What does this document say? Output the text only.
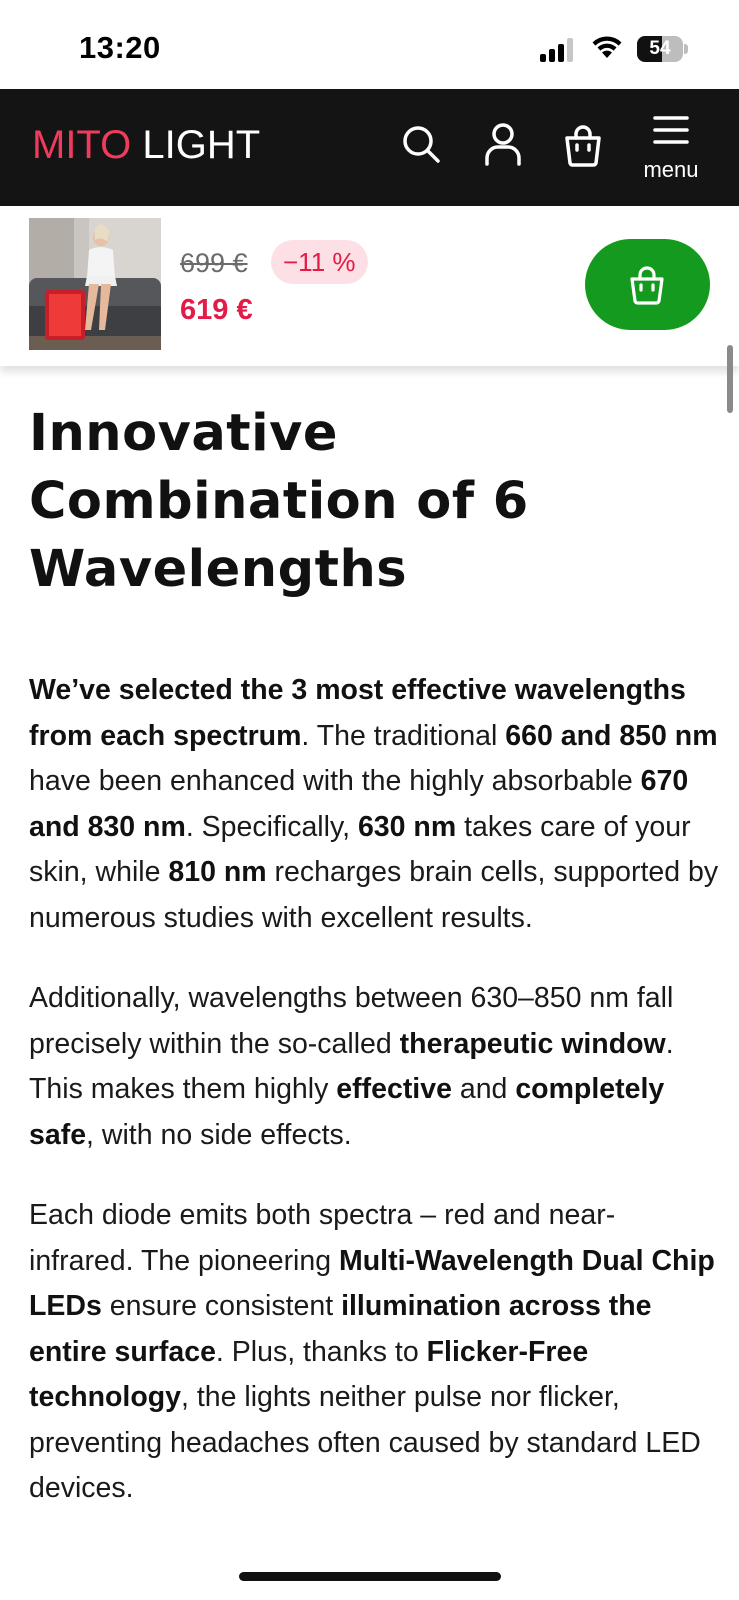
13:20	54
MITO LIGHT
menu
699 €	−11 %
619 €
Innovative Combination of 6 Wavelengths

We’ve selected the 3 most effective wavelengths from each spectrum. The traditional 660 and 850 nm have been enhanced with the highly absorbable 670 and 830 nm. Specifically, 630 nm takes care of your skin, while 810 nm recharges brain cells, supported by numerous studies with excellent results.

Additionally, wavelengths between 630–850 nm fall precisely within the so-called therapeutic window. This makes them highly effective and completely safe, with no side effects.

Each diode emits both spectra – red and near-infrared. The pioneering Multi-Wavelength Dual Chip LEDs ensure consistent illumination across the entire surface. Plus, thanks to Flicker-Free technology, the lights neither pulse nor flicker, preventing headaches often caused by standard LED devices.
